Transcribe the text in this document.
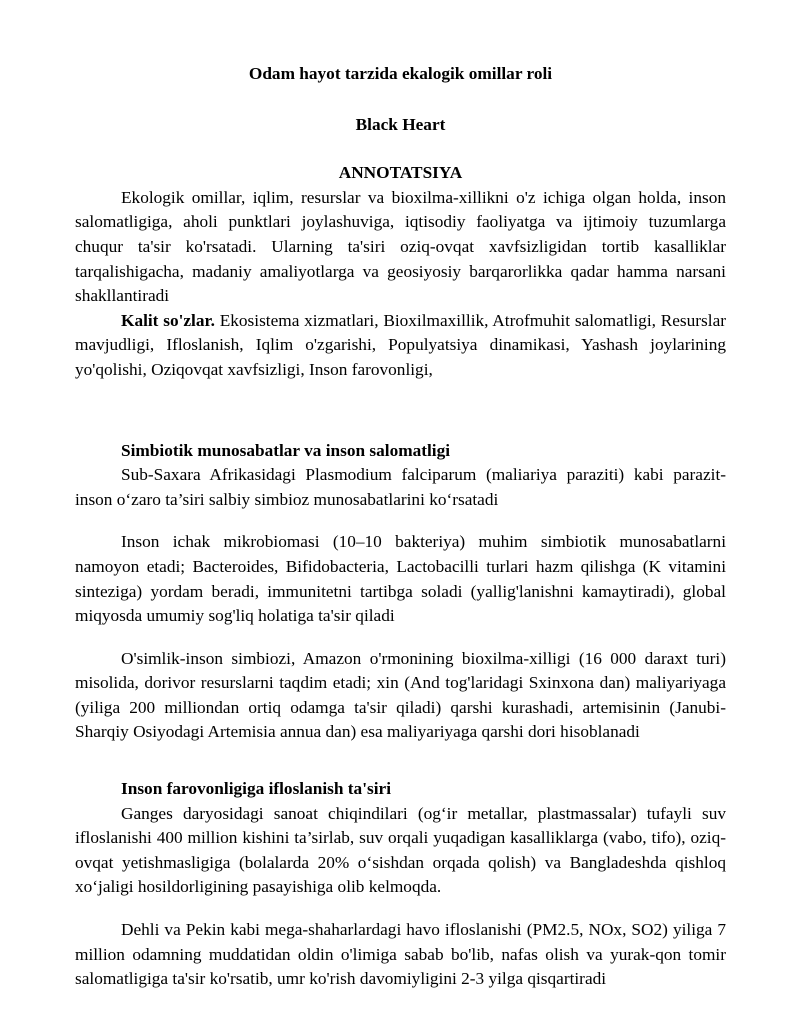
Odam hayot tarzida ekalogik omillar roli
Black Heart
ANNOTATSIYA

Ekologik omillar, iqlim, resurslar va bioxilma-xillikni o'z ichiga olgan holda, inson salomatligiga, aholi punktlari joylashuviga, iqtisodiy faoliyatga va ijtimoiy tuzumlarga chuqur ta'sir ko'rsatadi. Ularning ta'siri oziq-ovqat xavfsizligidan tortib kasalliklar tarqalishigacha, madaniy amaliyotlarga va geosiyosiy barqarorlikka qadar hamma narsani shakllantiradi

Kalit so'zlar. Ekosistema xizmatlari, Bioxilmaxillik, Atrofmuhit salomatligi, Resurslar mavjudligi, Ifloslanish, Iqlim o'zgarishi, Populyatsiya dinamikasi, Yashash joylarining yo'qolishi, Oziqovqat xavfsizligi, Inson farovonligi,

Simbiotik munosabatlar va inson salomatligi

Sub-Saxara Afrikasidagi Plasmodium falciparum (maliariya paraziti) kabi parazit-inson o‘zaro ta’siri salbiy simbioz munosabatlarini ko‘rsatadi

Inson ichak mikrobiomasi (10–10 bakteriya) muhim simbiotik munosabatlarni namoyon etadi; Bacteroides, Bifidobacteria, Lactobacilli turlari hazm qilishga (K vitamini sinteziga) yordam beradi, immunitetni tartibga soladi (yallig'lanishni kamaytiradi), global miqyosda umumiy sog'liq holatiga ta'sir qiladi

O'simlik-inson simbiozi, Amazon o'rmonining bioxilma-xilligi (16 000 daraxt turi) misolida, dorivor resurslarni taqdim etadi; xin (And tog'laridagi Sxinxona dan) maliyariyaga (yiliga 200 milliondan ortiq odamga ta'sir qiladi) qarshi kurashadi, artemisinin (Janubi-Sharqiy Osiyodagi Artemisia annua dan) esa maliyariyaga qarshi dori hisoblanadi

Inson farovonligiga ifloslanish ta'siri

Ganges daryosidagi sanoat chiqindilari (og‘ir metallar, plastmassalar) tufayli suv ifloslanishi 400 million kishini ta’sirlab, suv orqali yuqadigan kasalliklarga (vabo, tifo), oziq-ovqat yetishmasligiga (bolalarda 20% o‘sishdan orqada qolish) va Bangladeshda qishloq xo‘jaligi hosildorligining pasayishiga olib kelmoqda.

Dehli va Pekin kabi mega-shaharlardagi havo ifloslanishi (PM2.5, NOx, SO2) yiliga 7 million odamning muddatidan oldin o'limiga sabab bo'lib, nafas olish va yurak-qon tomir salomatligiga ta'sir ko'rsatib, umr ko'rish davomiyligini 2-3 yilga qisqartiradi
